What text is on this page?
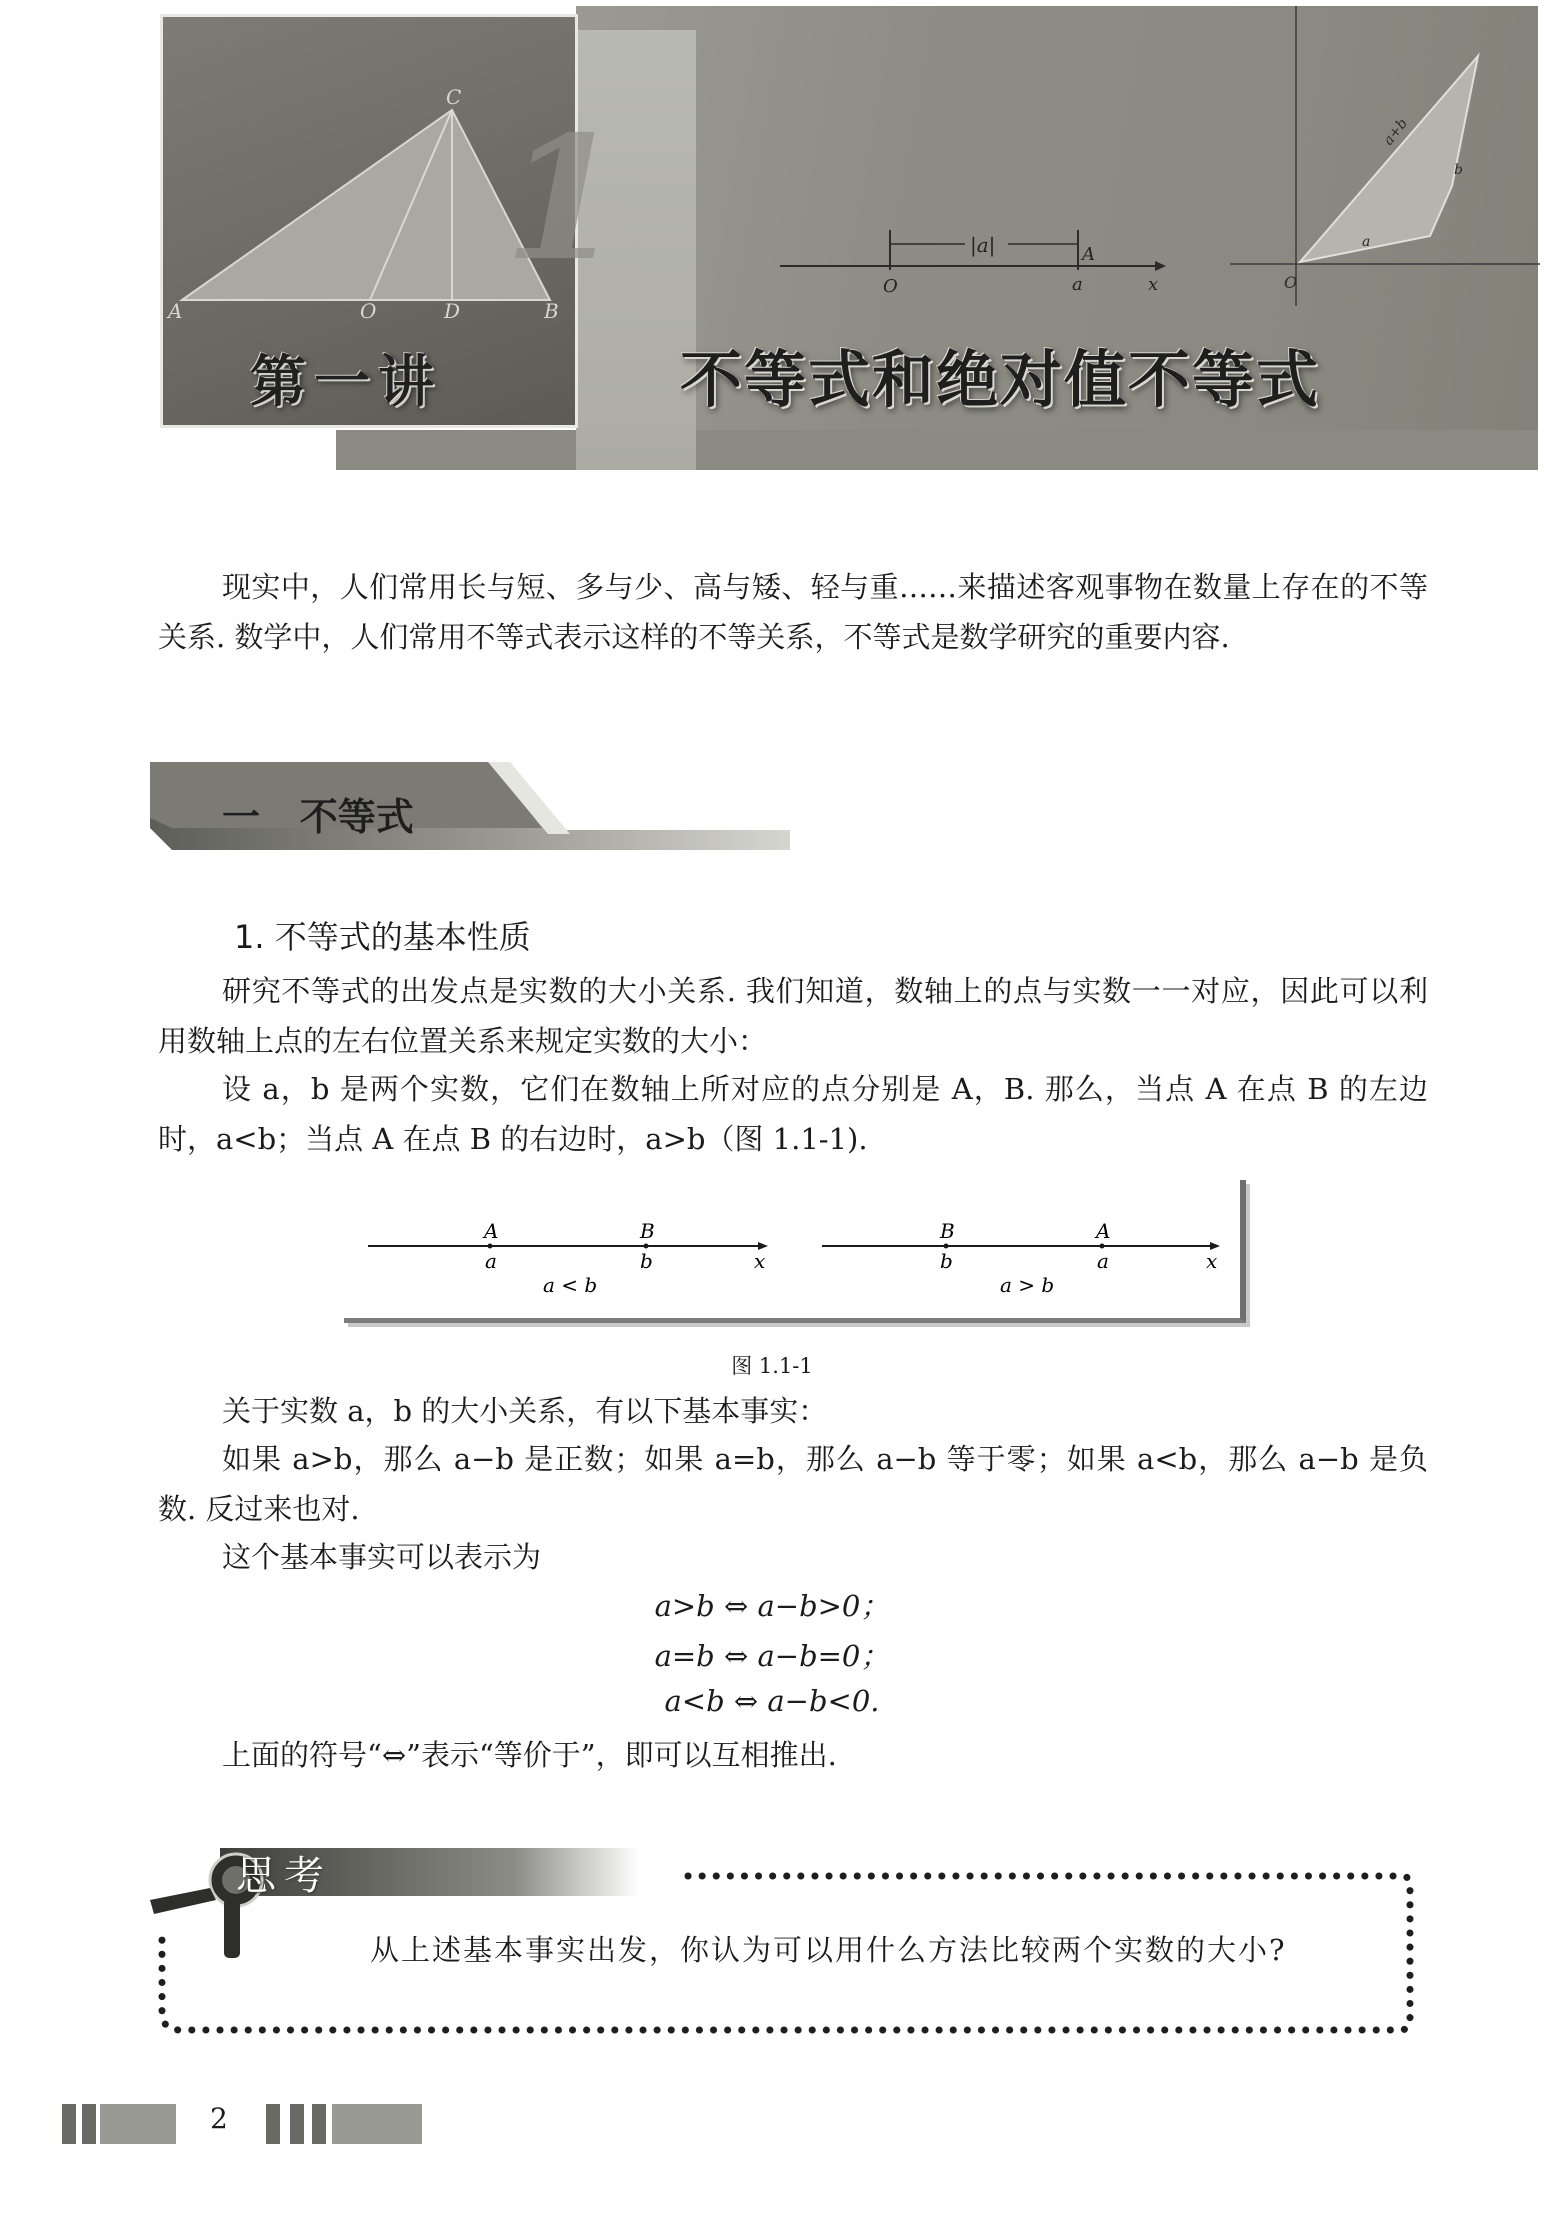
|a|	A
O	a	x
a+b
b
a
O
1
A	O	D	B
C
第一讲	不等式和绝对值不等式
现实中，人们常用长与短、多与少、高与矮、轻与重……来描述客观事物在数量上存在的不等关系. 数学中，人们常用不等式表示这样的不等关系，不等式是数学研究的重要内容.
一 不等式
1. 不等式的基本性质
研究不等式的出发点是实数的大小关系. 我们知道，数轴上的点与实数一一对应，因此可以利用数轴上点的左右位置关系来规定实数的大小：
设 a，b 是两个实数，它们在数轴上所对应的点分别是 A，B. 那么，当点 A 在点 B 的左边时，a<b；当点 A 在点 B 的右边时，a>b（图 1.1-1).
A
a
B
b	x
a < b
B
b
A
a	x
a > b
图 1.1-1
关于实数 a，b 的大小关系，有以下基本事实：
如果 a>b，那么 a−b 是正数；如果 a=b，那么 a−b 等于零；如果 a<b，那么 a−b 是负数. 反过来也对.
这个基本事实可以表示为
a>b ⇔ a−b>0；
a=b ⇔ a−b=0；
a<b ⇔ a−b<0.
上面的符号“⇔”表示“等价于”，即可以互相推出.
思考
从上述基本事实出发，你认为可以用什么方法比较两个实数的大小?
2
